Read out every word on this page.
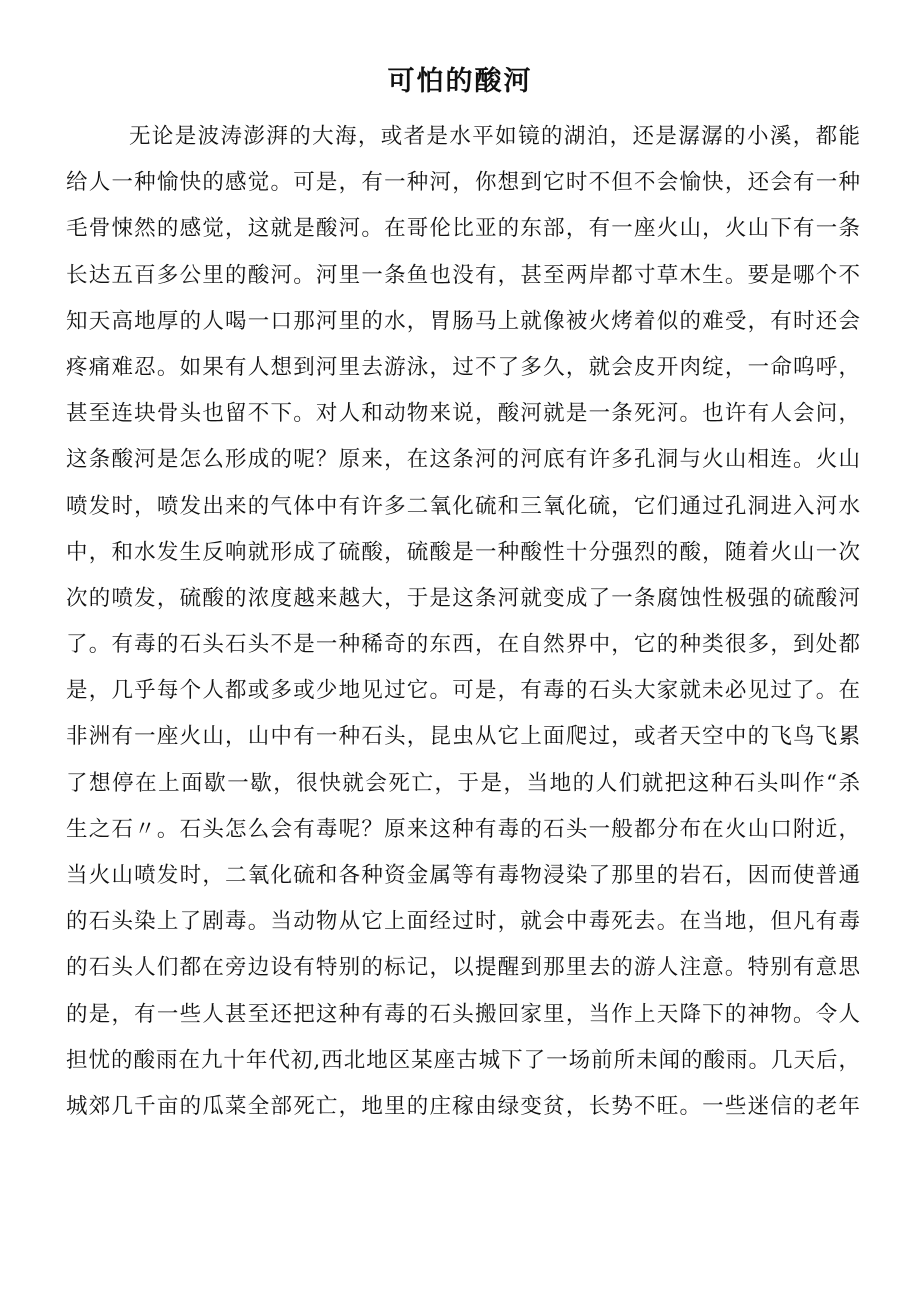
可怕的酸河
无论是波涛澎湃的大海，或者是水平如镜的湖泊，还是潺潺的小溪，都能
给人一种愉快的感觉。可是，有一种河，你想到它时不但不会愉快，还会有一种
毛骨悚然的感觉，这就是酸河。在哥伦比亚的东部，有一座火山，火山下有一条
长达五百多公里的酸河。河里一条鱼也没有，甚至两岸都寸草木生。要是哪个不
知天高地厚的人喝一口那河里的水，胃肠马上就像被火烤着似的难受，有时还会
疼痛难忍。如果有人想到河里去游泳，过不了多久，就会皮开肉绽，一命呜呼，
甚至连块骨头也留不下。对人和动物来说，酸河就是一条死河。也许有人会问，
这条酸河是怎么形成的呢？原来，在这条河的河底有许多孔洞与火山相连。火山
喷发时，喷发出来的气体中有许多二氧化硫和三氧化硫，它们通过孔洞进入河水
中，和水发生反响就形成了硫酸，硫酸是一种酸性十分强烈的酸，随着火山一次
次的喷发，硫酸的浓度越来越大，于是这条河就变成了一条腐蚀性极强的硫酸河
了。有毒的石头石头不是一种稀奇的东西，在自然界中，它的种类很多，到处都
是，几乎每个人都或多或少地见过它。可是，有毒的石头大家就未必见过了。在
非洲有一座火山，山中有一种石头，昆虫从它上面爬过，或者天空中的飞鸟飞累
了想停在上面歇一歇，很快就会死亡，于是，当地的人们就把这种石头叫作“杀
生之石〃。石头怎么会有毒呢？原来这种有毒的石头一般都分布在火山口附近，
当火山喷发时，二氧化硫和各种资金属等有毒物浸染了那里的岩石，因而使普通
的石头染上了剧毒。当动物从它上面经过时，就会中毒死去。在当地，但凡有毒
的石头人们都在旁边设有特别的标记，以提醒到那里去的游人注意。特别有意思
的是，有一些人甚至还把这种有毒的石头搬回家里，当作上天降下的神物。令人
担忧的酸雨在九十年代初,西北地区某座古城下了一场前所未闻的酸雨。几天后，
城郊几千亩的瓜菜全部死亡，地里的庄稼由绿变贫，长势不旺。一些迷信的老年
